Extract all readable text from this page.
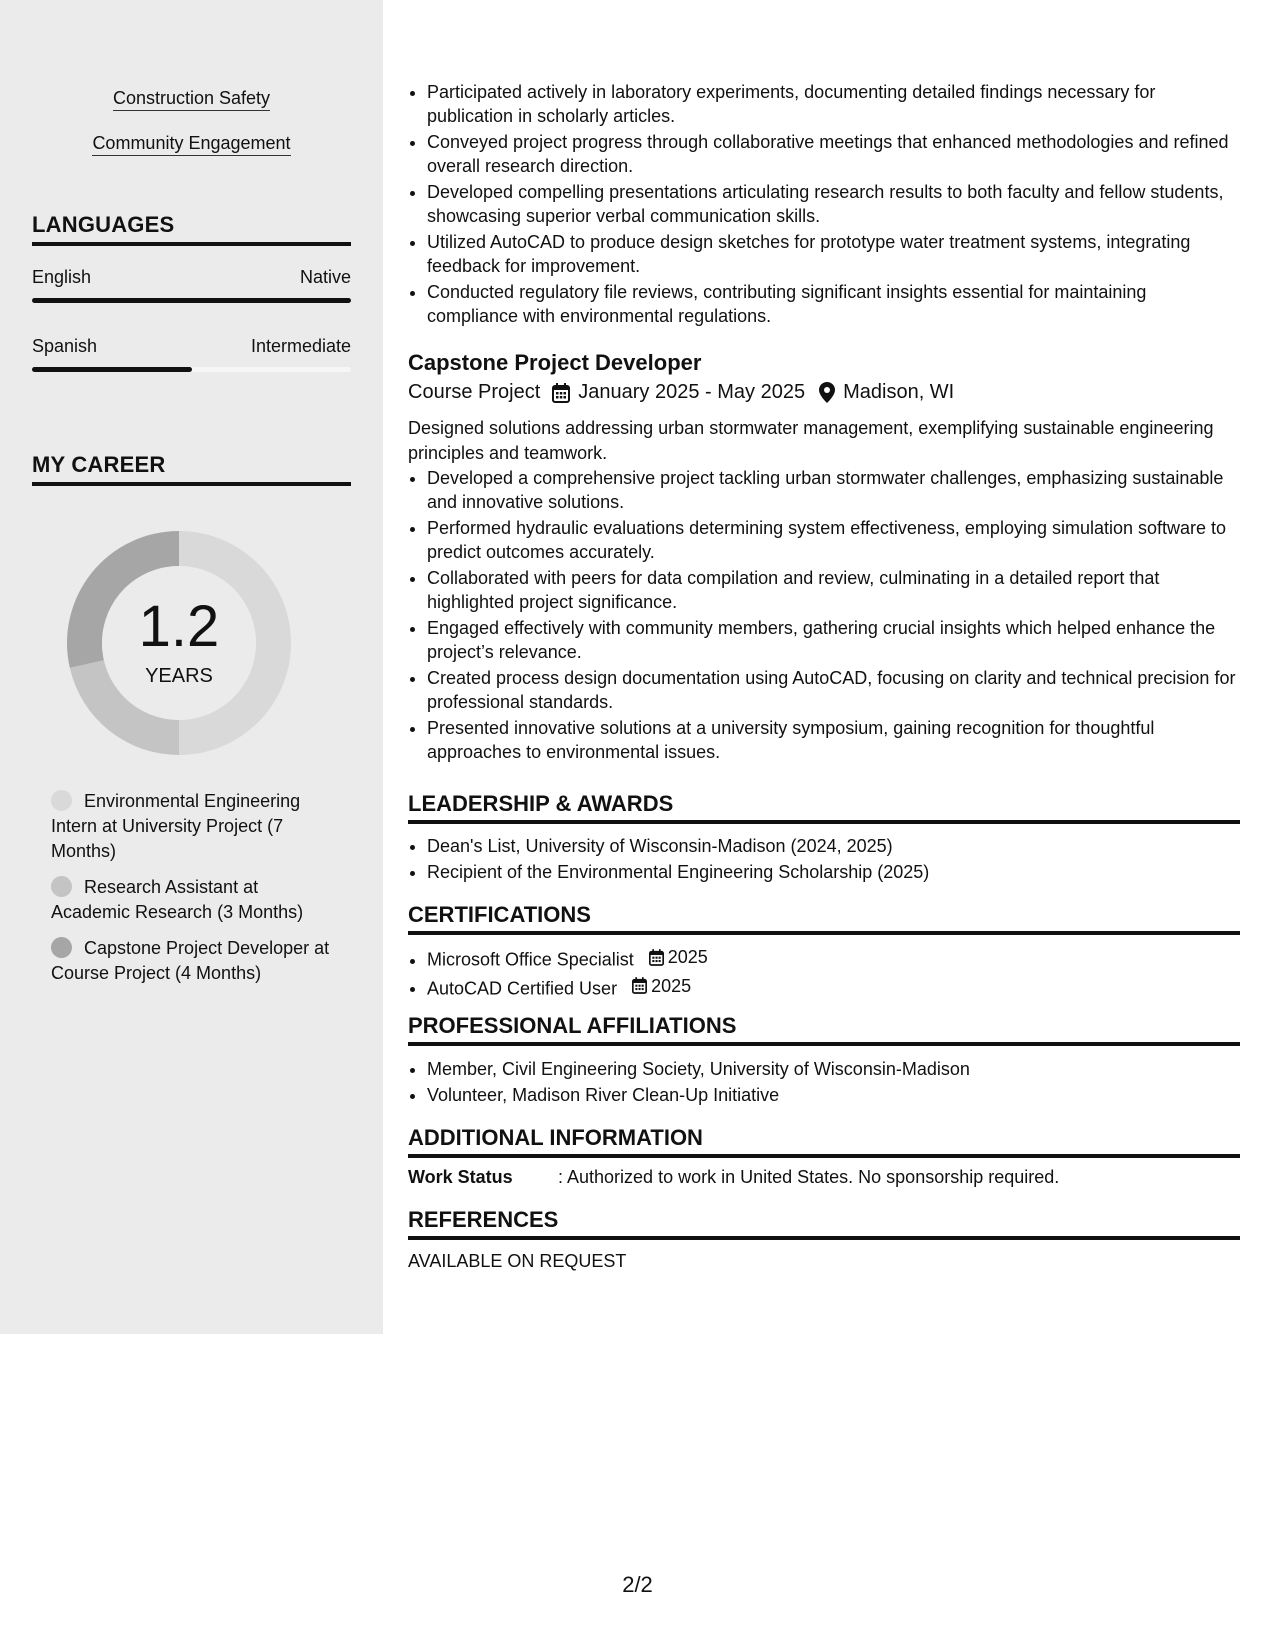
Construction Safety
Community Engagement
LANGUAGES
English	Native
Spanish	Intermediate
MY CAREER
1.2
YEARS
Environmental Engineering Intern at University Project (7 Months)
Research Assistant at Academic Research (3 Months)
Capstone Project Developer at Course Project (4 Months)
• Participated actively in laboratory experiments, documenting detailed findings necessary for publication in scholarly articles.
• Conveyed project progress through collaborative meetings that enhanced methodologies and refined overall research direction.
• Developed compelling presentations articulating research results to both faculty and fellow students, showcasing superior verbal communication skills.
• Utilized AutoCAD to produce design sketches for prototype water treatment systems, integrating feedback for improvement.
• Conducted regulatory file reviews, contributing significant insights essential for maintaining compliance with environmental regulations.
Capstone Project Developer
Course Project January 2025 - May 2025 Madison, WI
Designed solutions addressing urban stormwater management, exemplifying sustainable engineering principles and teamwork.
• Developed a comprehensive project tackling urban stormwater challenges, emphasizing sustainable and innovative solutions.
• Performed hydraulic evaluations determining system effectiveness, employing simulation software to predict outcomes accurately.
• Collaborated with peers for data compilation and review, culminating in a detailed report that highlighted project significance.
• Engaged effectively with community members, gathering crucial insights which helped enhance the project’s relevance.
• Created process design documentation using AutoCAD, focusing on clarity and technical precision for professional standards.
• Presented innovative solutions at a university symposium, gaining recognition for thoughtful approaches to environmental issues.
LEADERSHIP & AWARDS
• Dean's List, University of Wisconsin-Madison (2024, 2025)
• Recipient of the Environmental Engineering Scholarship (2025)
CERTIFICATIONS
• Microsoft Office Specialist 2025
• AutoCAD Certified User 2025
PROFESSIONAL AFFILIATIONS
• Member, Civil Engineering Society, University of Wisconsin-Madison
• Volunteer, Madison River Clean-Up Initiative
ADDITIONAL INFORMATION
Work Status	: Authorized to work in United States. No sponsorship required.
REFERENCES
AVAILABLE ON REQUEST
2/2
